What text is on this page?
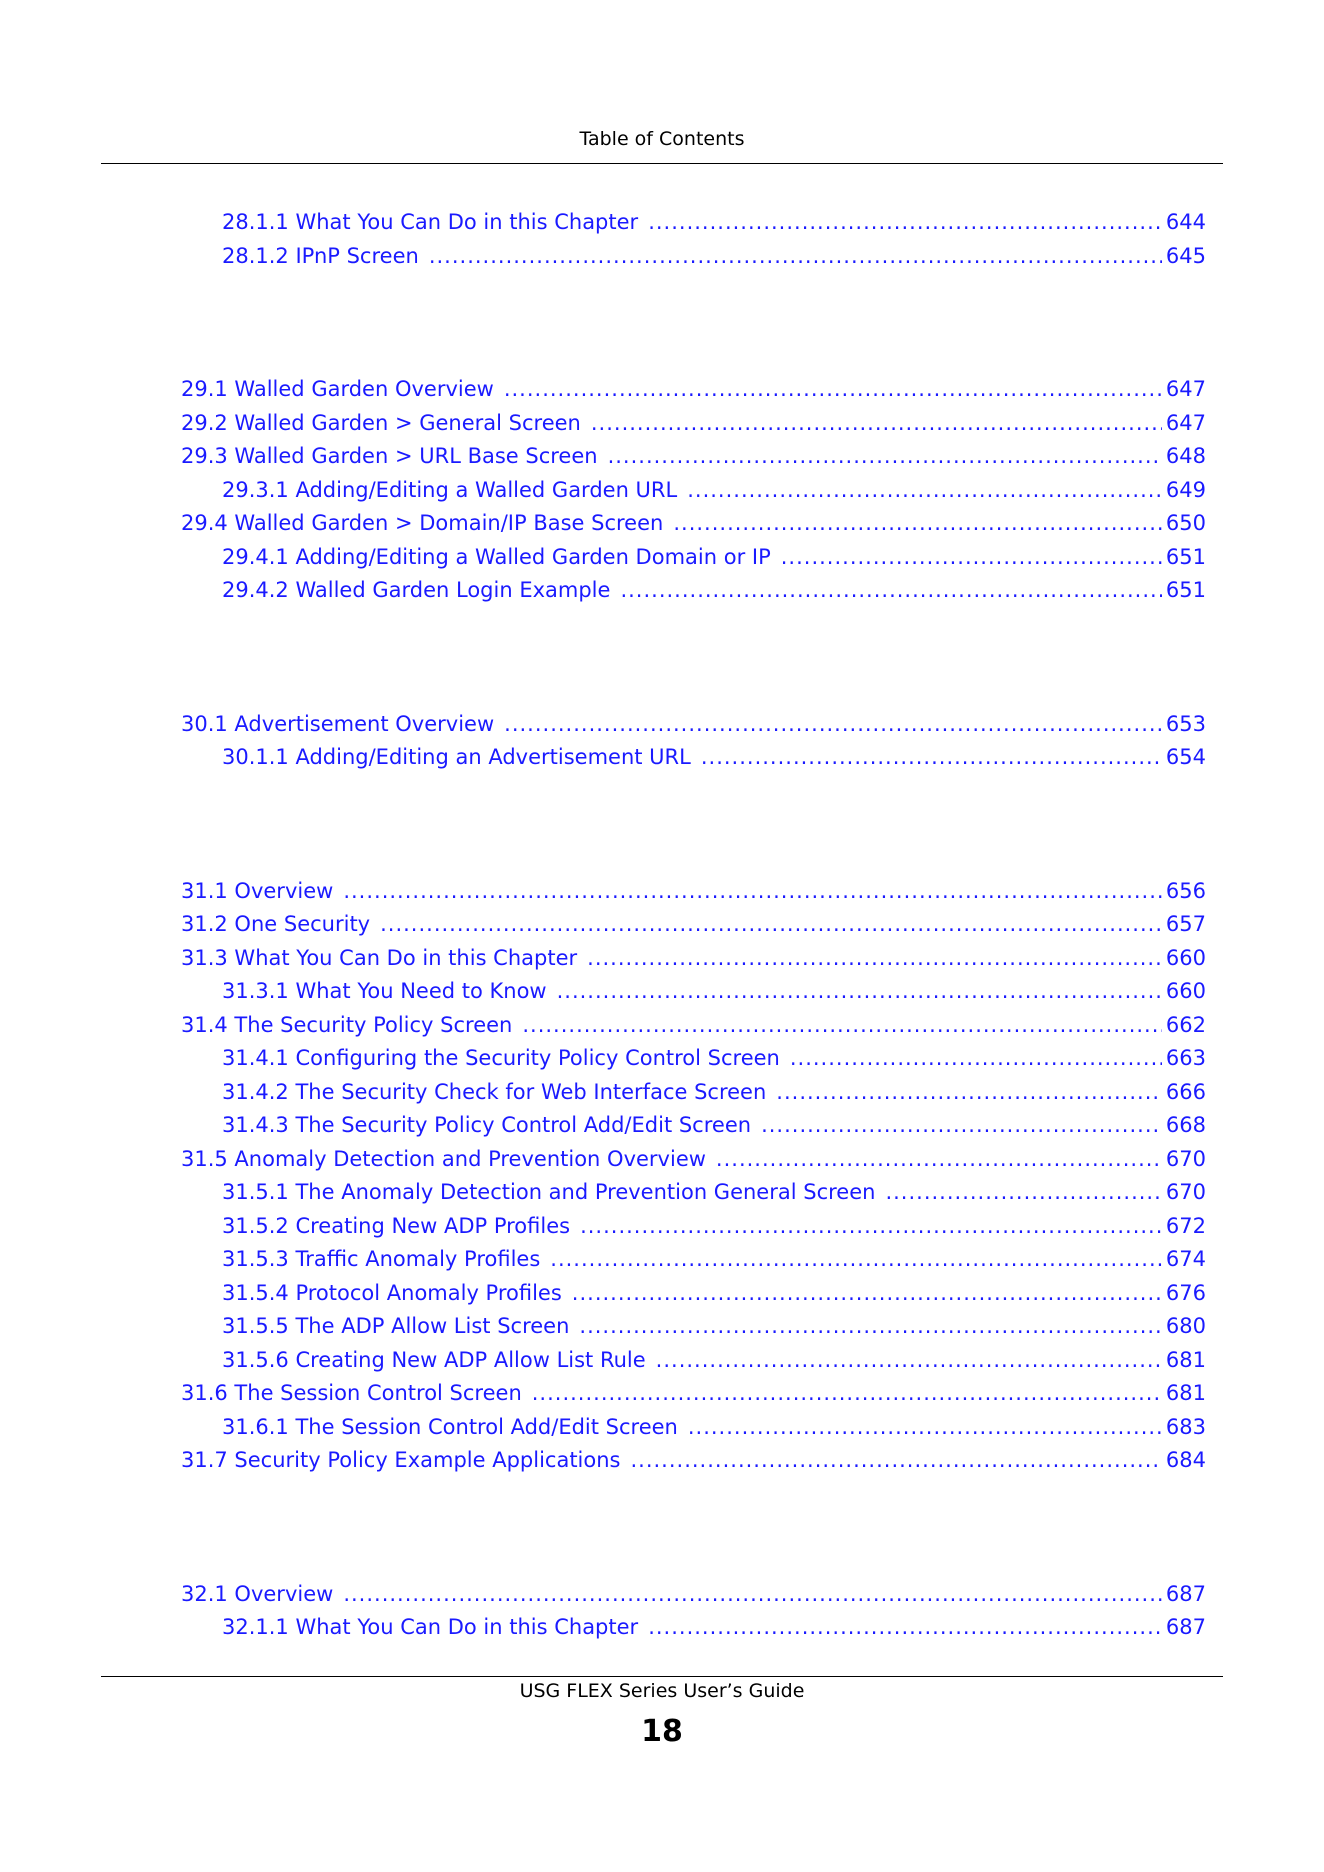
Table of Contents
28.1.1 What You Can Do in this Chapter .....	644
28.1.2 IPnP Screen .....	645
29.1 Walled Garden Overview .....	647
29.2 Walled Garden > General Screen .....	647
29.3 Walled Garden > URL Base Screen .....	648
29.3.1 Adding/Editing a Walled Garden URL .....	649
29.4 Walled Garden > Domain/IP Base Screen .....	650
29.4.1 Adding/Editing a Walled Garden Domain or IP .....	651
29.4.2 Walled Garden Login Example .....	651
30.1 Advertisement Overview .....	653
30.1.1 Adding/Editing an Advertisement URL .....	654
31.1 Overview .....	656
31.2 One Security .....	657
31.3 What You Can Do in this Chapter .....	660
31.3.1 What You Need to Know .....	660
31.4 The Security Policy Screen .....	662
31.4.1 Configuring the Security Policy Control Screen .....	663
31.4.2 The Security Check for Web Interface Screen .....	666
31.4.3 The Security Policy Control Add/Edit Screen .....	668
31.5 Anomaly Detection and Prevention Overview .....	670
31.5.1 The Anomaly Detection and Prevention General Screen .....	670
31.5.2 Creating New ADP Profiles .....	672
31.5.3 Traffic Anomaly Profiles .....	674
31.5.4 Protocol Anomaly Profiles .....	676
31.5.5 The ADP Allow List Screen .....	680
31.5.6 Creating New ADP Allow List Rule .....	681
31.6 The Session Control Screen .....	681
31.6.1 The Session Control Add/Edit Screen .....	683
31.7 Security Policy Example Applications .....	684
32.1 Overview .....	687
32.1.1 What You Can Do in this Chapter .....	687
USG FLEX Series User’s Guide
18
